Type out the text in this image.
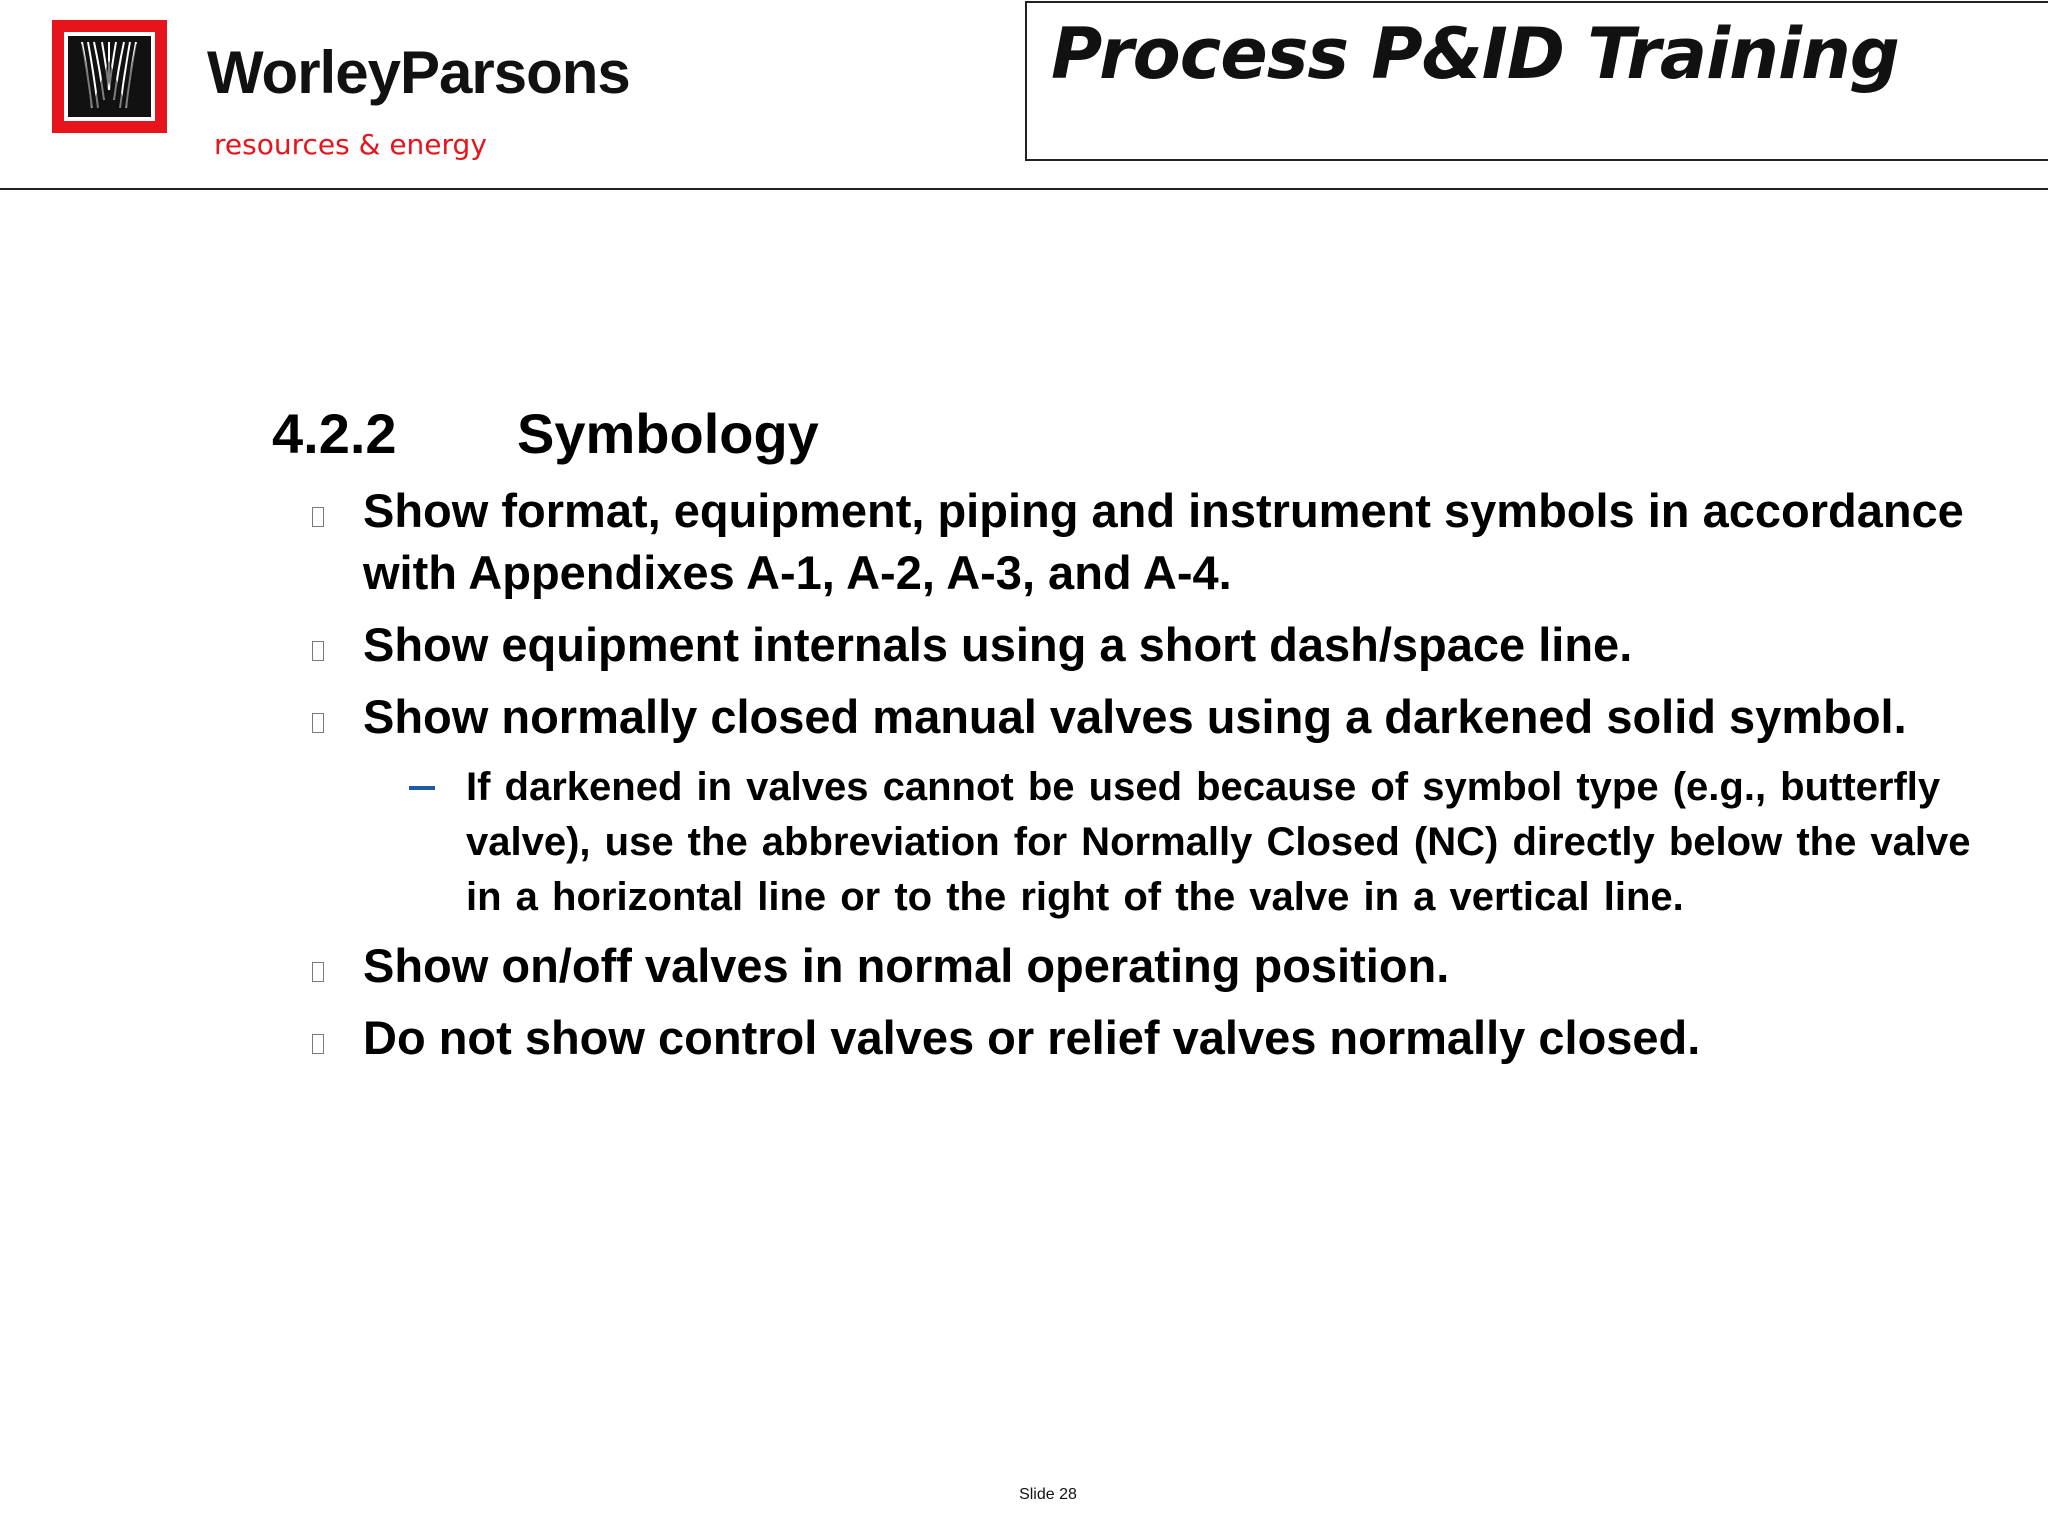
WorleyParsons
resources & energy
Process P&ID Training
4.2.2 Symbology
Show format, equipment, piping and instrument symbols in accordance with Appendixes A-1, A-2, A-3, and A-4.
Show equipment internals using a short dash/space line.
Show normally closed manual valves using a darkened solid symbol.
If darkened in valves cannot be used because of symbol type (e.g., butterfly valve), use the abbreviation for Normally Closed (NC) directly below the valve in a horizontal line or to the right of the valve in a vertical line.
Show on/off valves in normal operating position.
Do not show control valves or relief valves normally closed.
Slide 28
